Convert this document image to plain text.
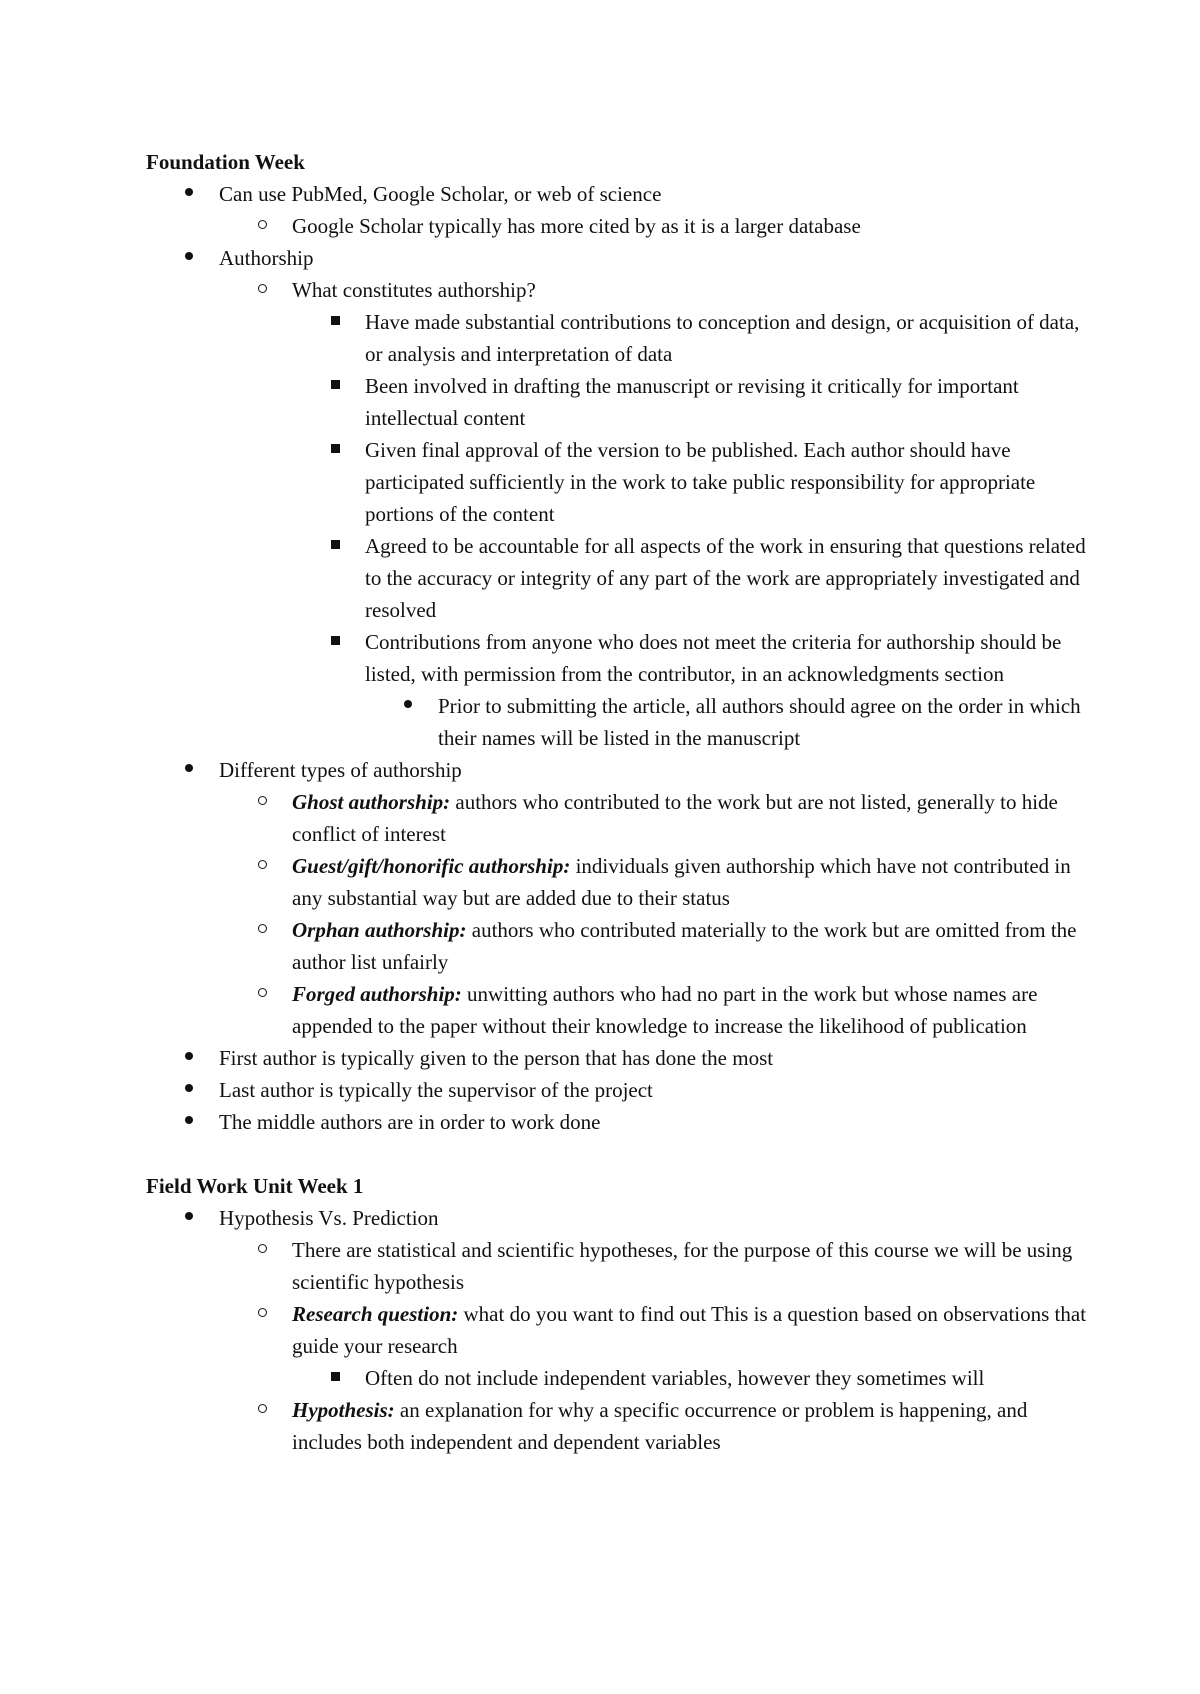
Foundation Week
Can use PubMed, Google Scholar, or web of science
Google Scholar typically has more cited by as it is a larger database
Authorship
What constitutes authorship?
Have made substantial contributions to conception and design, or acquisition of data, or analysis and interpretation of data
Been involved in drafting the manuscript or revising it critically for important intellectual content
Given final approval of the version to be published. Each author should have participated sufficiently in the work to take public responsibility for appropriate portions of the content
Agreed to be accountable for all aspects of the work in ensuring that questions related to the accuracy or integrity of any part of the work are appropriately investigated and resolved
Contributions from anyone who does not meet the criteria for authorship should be listed, with permission from the contributor, in an acknowledgments section
Prior to submitting the article, all authors should agree on the order in which their names will be listed in the manuscript
Different types of authorship
Ghost authorship: authors who contributed to the work but are not listed, generally to hide conflict of interest
Guest/gift/honorific authorship: individuals given authorship which have not contributed in any substantial way but are added due to their status
Orphan authorship: authors who contributed materially to the work but are omitted from the author list unfairly
Forged authorship: unwitting authors who had no part in the work but whose names are appended to the paper without their knowledge to increase the likelihood of publication
First author is typically given to the person that has done the most
Last author is typically the supervisor of the project
The middle authors are in order to work done
Field Work Unit Week 1
Hypothesis Vs. Prediction
There are statistical and scientific hypotheses, for the purpose of this course we will be using scientific hypothesis
Research question: what do you want to find out This is a question based on observations that guide your research
Often do not include independent variables, however they sometimes will
Hypothesis: an explanation for why a specific occurrence or problem is happening, and includes both independent and dependent variables
